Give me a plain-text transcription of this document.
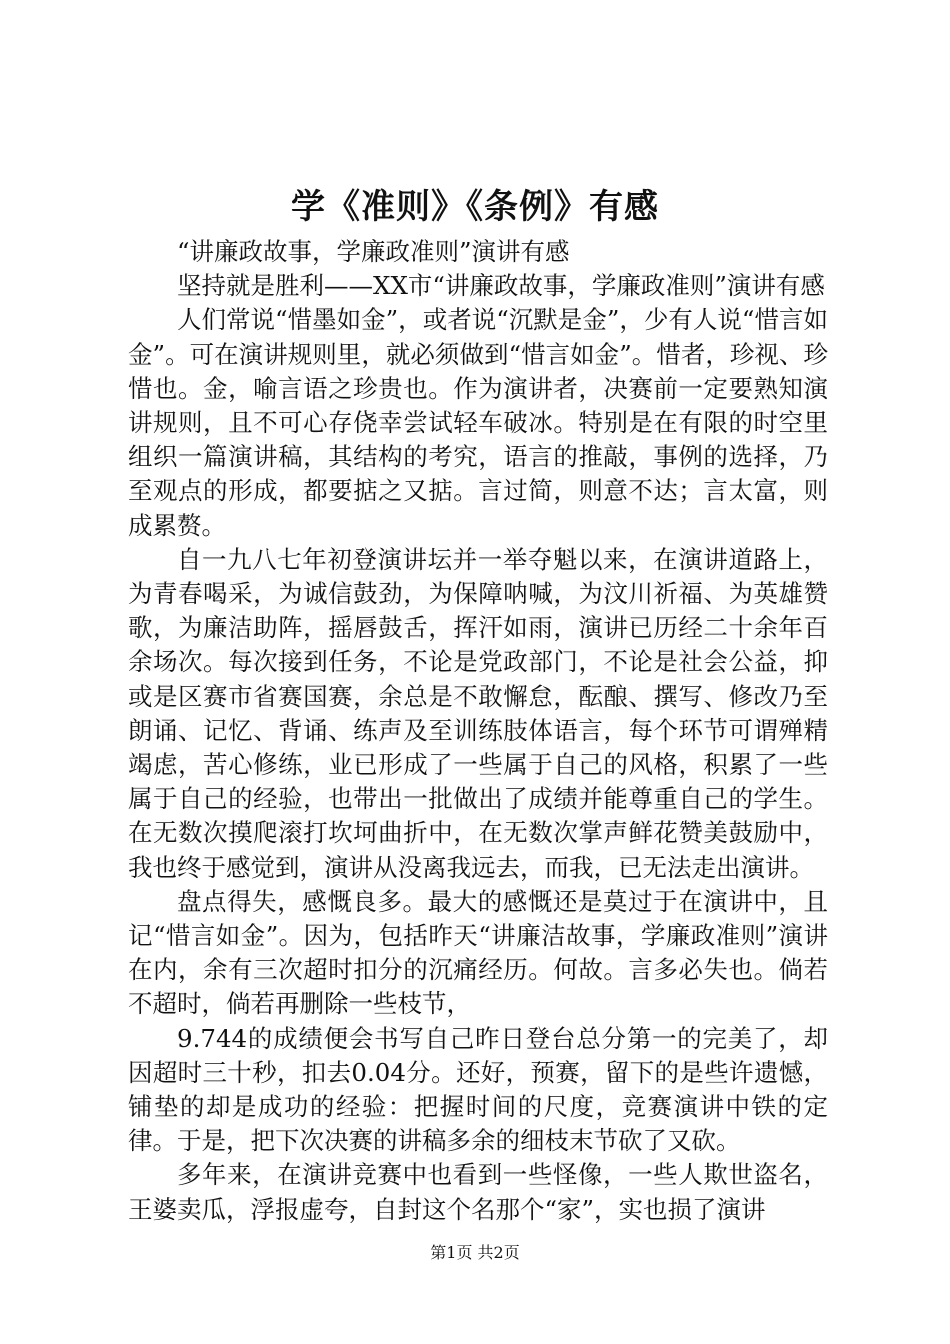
学《准则》《条例》有感

“讲廉政故事，学廉政准则”演讲有感

坚持就是胜利——XX市“讲廉政故事，学廉政准则”演讲有感

人们常说“惜墨如金”，或者说“沉默是金”，少有人说“惜言如金”。可在演讲规则里，就必须做到“惜言如金”。惜者，珍视、珍惜也。金，喻言语之珍贵也。作为演讲者，决赛前一定要熟知演讲规则，且不可心存侥幸尝试轻车破冰。特别是在有限的时空里组织一篇演讲稿，其结构的考究，语言的推敲，事例的选择，乃至观点的形成，都要掂之又掂。言过简，则意不达；言太富，则成累赘。

自一九八七年初登演讲坛并一举夺魁以来，在演讲道路上，为青春喝采，为诚信鼓劲，为保障呐喊，为汶川祈福、为英雄赞歌，为廉洁助阵，摇唇鼓舌，挥汗如雨，演讲已历经二十余年百余场次。每次接到任务，不论是党政部门，不论是社会公益，抑或是区赛市省赛国赛，余总是不敢懈怠，酝酿、撰写、修改乃至朗诵、记忆、背诵、练声及至训练肢体语言，每个环节可谓殚精竭虑，苦心修练，业已形成了一些属于自己的风格，积累了一些属于自己的经验，也带出一批做出了成绩并能尊重自己的学生。在无数次摸爬滚打坎坷曲折中，在无数次掌声鲜花赞美鼓励中，我也终于感觉到，演讲从没离我远去，而我，已无法走出演讲。

盘点得失，感慨良多。最大的感慨还是莫过于在演讲中，且记“惜言如金”。因为，包括昨天“讲廉洁故事，学廉政准则”演讲在内，余有三次超时扣分的沉痛经历。何故。言多必失也。倘若不超时，倘若再删除一些枝节，

9.744的成绩便会书写自己昨日登台总分第一的完美了，却因超时三十秒，扣去0.04分。还好，预赛，留下的是些许遗憾，铺垫的却是成功的经验：把握时间的尺度，竞赛演讲中铁的定律。于是，把下次决赛的讲稿多余的细枝末节砍了又砍。

多年来，在演讲竞赛中也看到一些怪像，一些人欺世盗名，王婆卖瓜，浮报虚夸，自封这个名那个“家”，实也损了演讲

第1页 共2页
